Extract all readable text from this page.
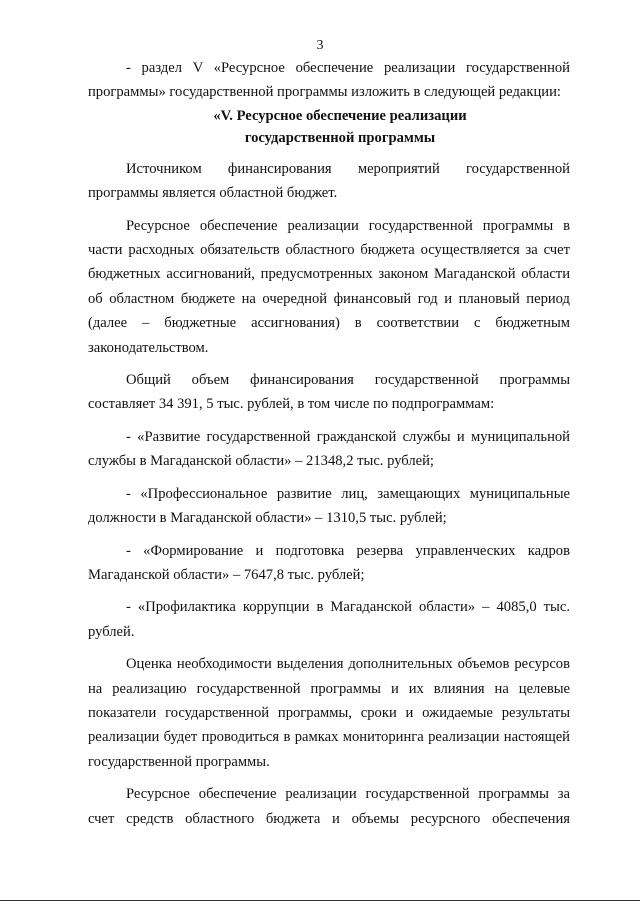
3

- раздел V «Ресурсное обеспечение реализации государственной программы» государственной программы изложить в следующей редакции:

«V. Ресурсное обеспечение реализации

государственной программы

Источником финансирования мероприятий государственной программы является областной бюджет.

Ресурсное обеспечение реализации государственной программы в части расходных обязательств областного бюджета осуществляется за счет бюджетных ассигнований, предусмотренных законом Магаданской области об областном бюджете на очередной финансовый год и плановый период (далее – бюджетные ассигнования) в соответствии с бюджетным законодательством.

Общий объем финансирования государственной программы составляет 34 391, 5 тыс. рублей, в том числе по подпрограммам:

- «Развитие государственной гражданской службы и муниципальной службы в Магаданской области» – 21348,2 тыс. рублей;

- «Профессиональное развитие лиц, замещающих муниципальные должности в Магаданской области» – 1310,5 тыс. рублей;

- «Формирование и подготовка резерва управленческих кадров Магаданской области» – 7647,8 тыс. рублей;

- «Профилактика коррупции в Магаданской области» – 4085,0 тыс. рублей.

Оценка необходимости выделения дополнительных объемов ресурсов на реализацию государственной программы и их влияния на целевые показатели государственной программы, сроки и ожидаемые результаты реализации будет проводиться в рамках мониторинга реализации настоящей государственной программы.

Ресурсное обеспечение реализации государственной программы за счет средств областного бюджета и объемы ресурсного обеспечения
